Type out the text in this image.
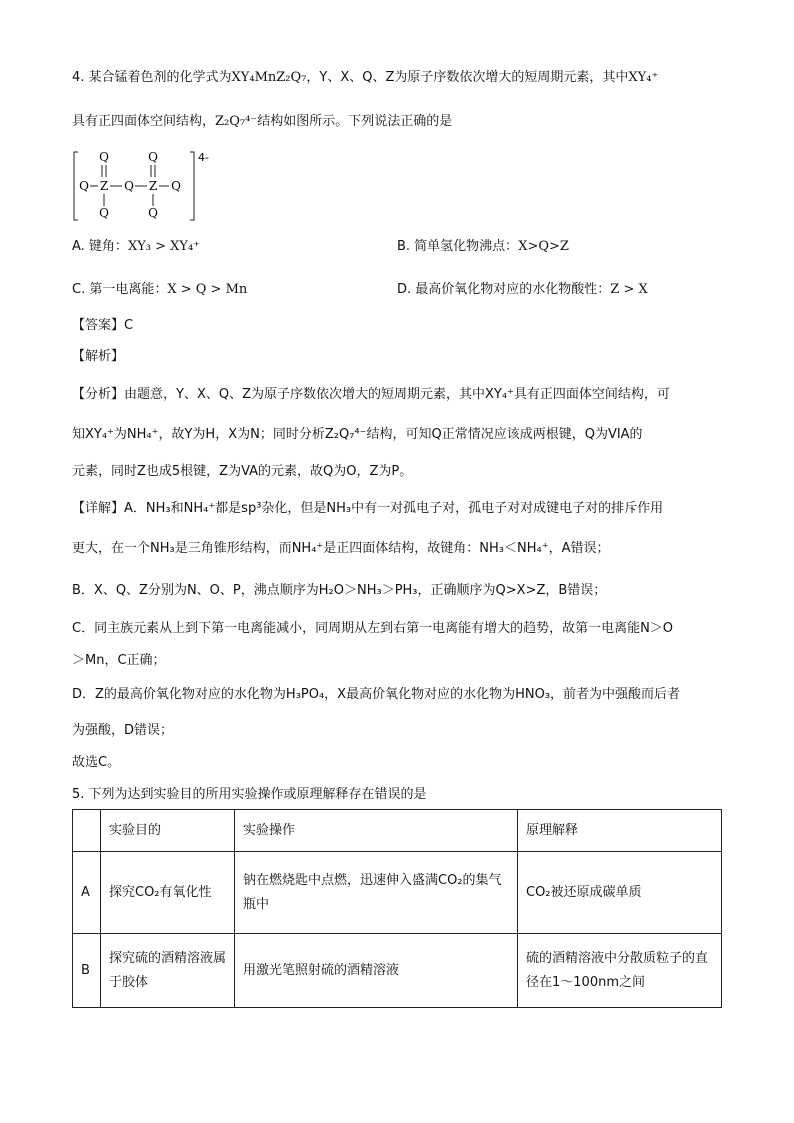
4. 某合锰着色剂的化学式为XY₄MnZ₂Q₇，Y、X、Q、Z为原子序数依次增大的短周期元素，其中XY₄⁺
具有正四面体空间结构，Z₂Q₇⁴⁻结构如图所示。下列说法正确的是
Q	Q
Q Z Q Z Q
Q	Q
4-
A. 键角：XY₃ > XY₄⁺	B. 简单氢化物沸点：X>Q>Z
C. 第一电离能：X > Q > Mn	D. 最高价氧化物对应的水化物酸性：Z > X
【答案】C
【解析】
【分析】由题意，Y、X、Q、Z为原子序数依次增大的短周期元素，其中XY₄⁺具有正四面体空间结构，可
知XY₄⁺为NH₄⁺，故Y为H，X为N；同时分析Z₂Q₇⁴⁻结构，可知Q正常情况应该成两根键，Q为VIA的
元素，同时Z也成5根键，Z为VA的元素，故Q为O，Z为P。
【详解】A．NH₃和NH₄⁺都是sp³杂化，但是NH₃中有一对孤电子对，孤电子对对成键电子对的排斥作用
更大，在一个NH₃是三角锥形结构，而NH₄⁺是正四面体结构，故键角：NH₃＜NH₄⁺，A错误；
B．X、Q、Z分别为N、O、P，沸点顺序为H₂O＞NH₃＞PH₃，正确顺序为Q>X>Z，B错误；
C．同主族元素从上到下第一电离能减小，同周期从左到右第一电离能有增大的趋势，故第一电离能N＞O
＞Mn，C正确；
D．Z的最高价氧化物对应的水化物为H₃PO₄，X最高价氧化物对应的水化物为HNO₃，前者为中强酸而后者
为强酸，D错误；
故选C。
5. 下列为达到实验目的所用实验操作或原理解释存在错误的是
	实验目的	实验操作	原理解释
A	探究CO₂有氧化性	钠在燃烧匙中点燃，迅速伸入盛满CO₂的集气瓶中	CO₂被还原成碳单质
B	探究硫的酒精溶液属于胶体	用激光笔照射硫的酒精溶液	硫的酒精溶液中分散质粒子的直径在1～100nm之间
